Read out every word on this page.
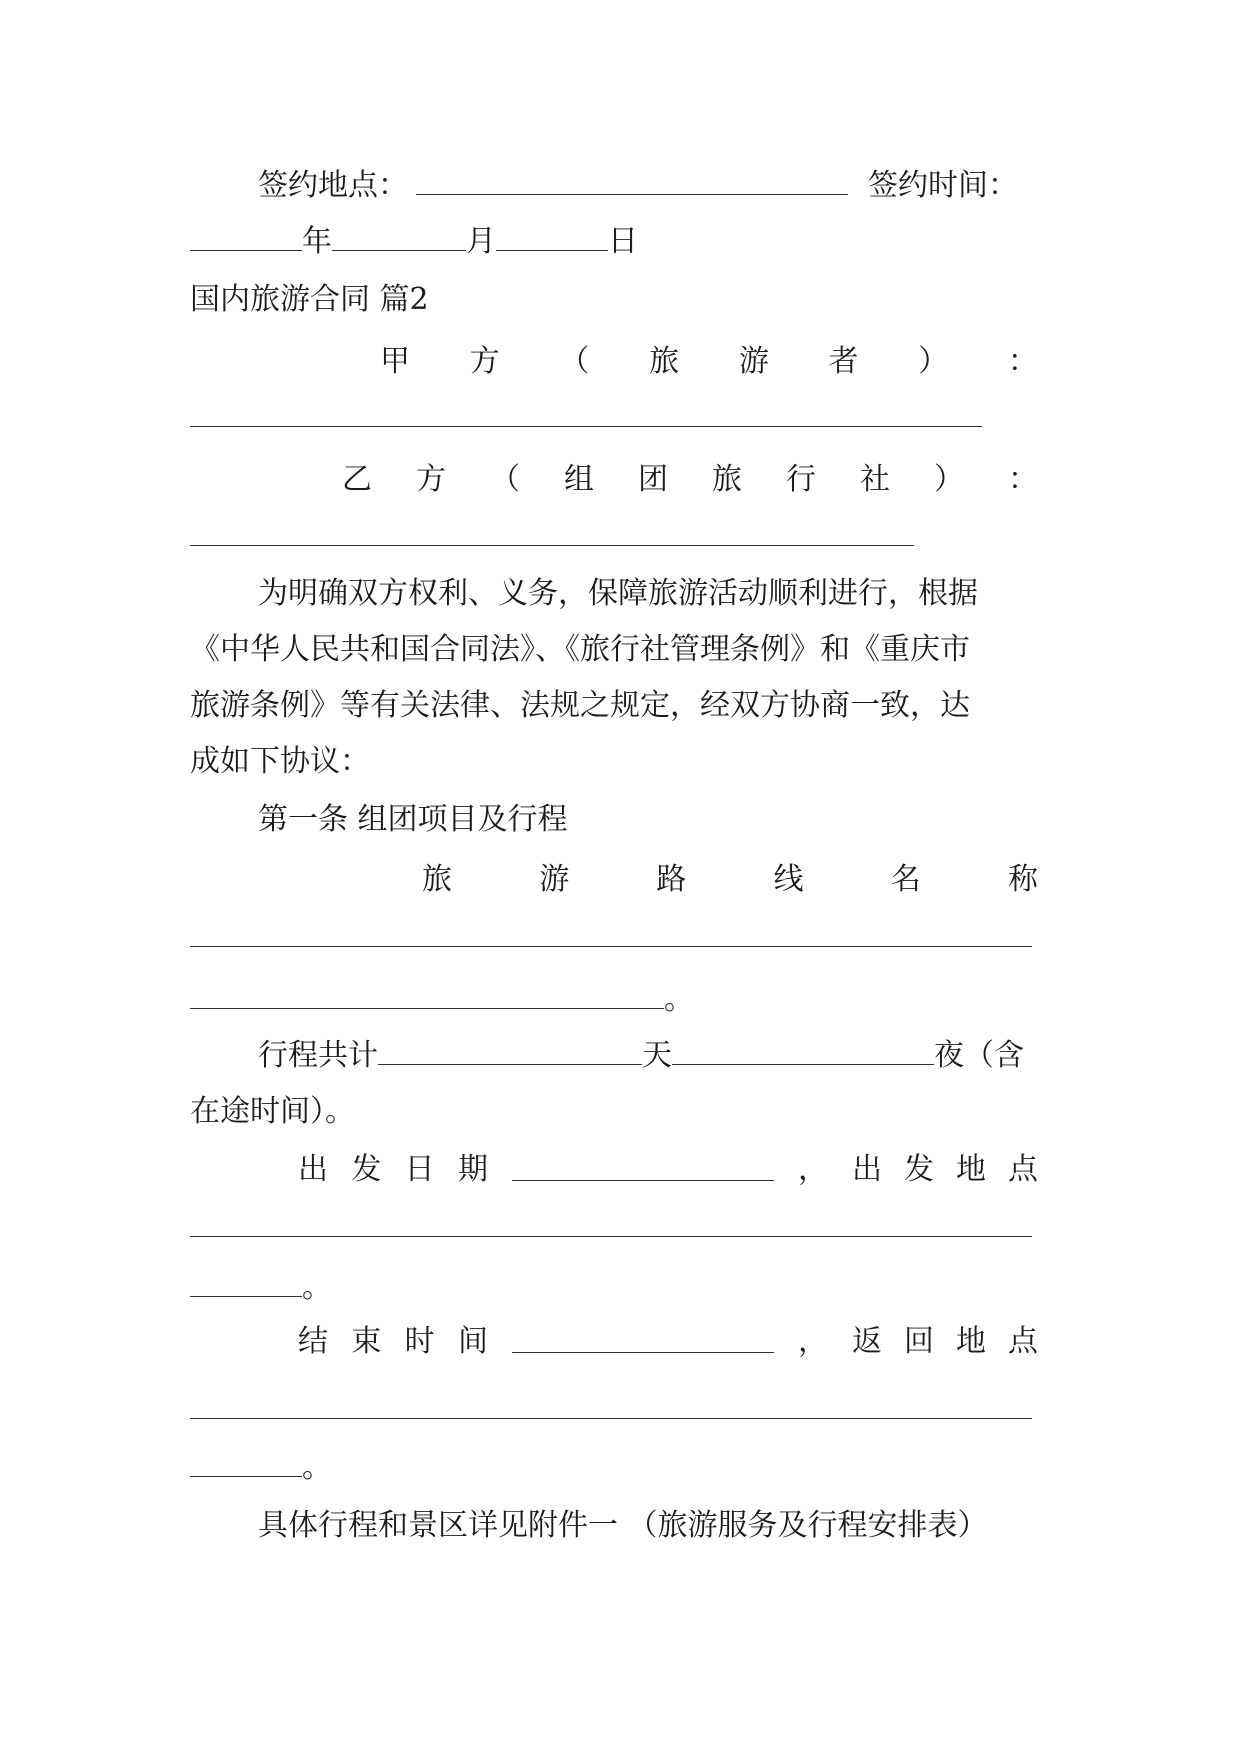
签约地点：	签约时间：
年	月	日
国内旅游合同 篇2
甲 方 （ 旅 游 者 ） ：
乙 方 （ 组 团 旅 行 社 ） ：
为明确双方权利、义务，保障旅游活动顺利进行，根据
《中华人民共和国合同法》、《旅行社管理条例》和《重庆市
旅游条例》等有关法律、法规之规定，经双方协商一致，达
成如下协议：
第一条 组团项目及行程
旅	游	路	线	名	称
。
行程共计	天	夜（含
在途时间）。
出 发 日 期	， 出 发 地 点
。
结 束 时 间	， 返 回 地 点
。
具体行程和景区详见附件一 （旅游服务及行程安排表）
